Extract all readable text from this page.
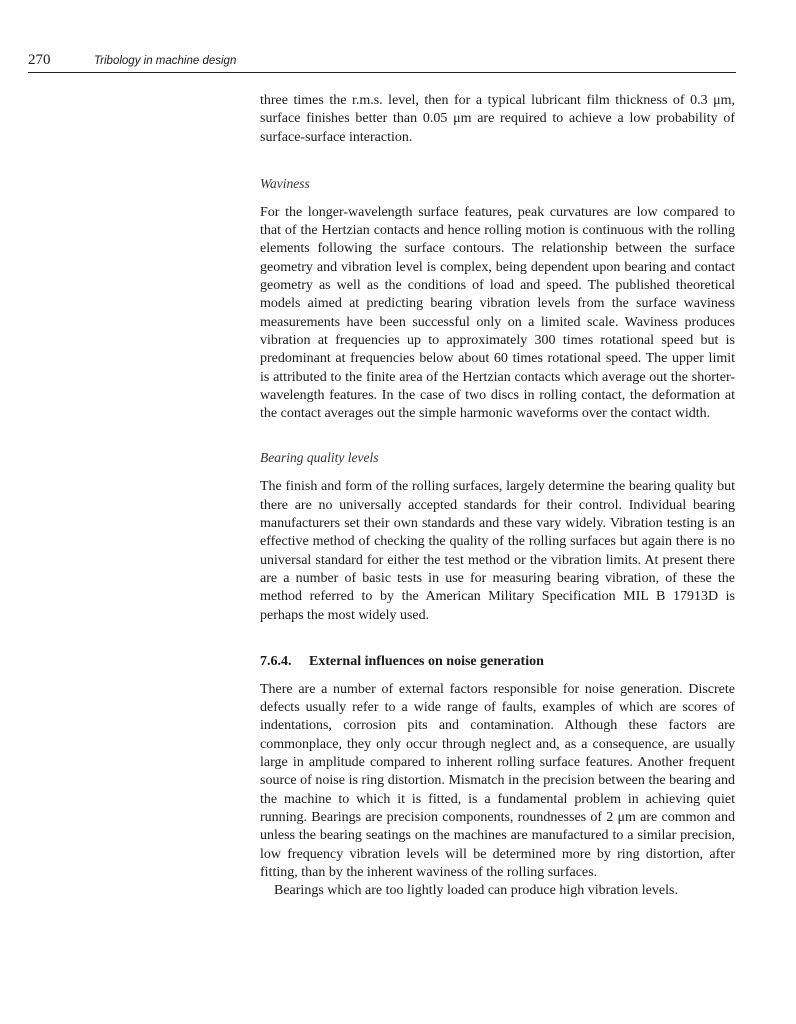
270	Tribology in machine design

three times the r.m.s. level, then for a typical lubricant film thickness of 0.3 μm, surface finishes better than 0.05 μm are required to achieve a low probability of surface-surface interaction.

Waviness

For the longer-wavelength surface features, peak curvatures are low compared to that of the Hertzian contacts and hence rolling motion is continuous with the rolling elements following the surface contours. The relationship between the surface geometry and vibration level is complex, being dependent upon bearing and contact geometry as well as the conditions of load and speed. The published theoretical models aimed at predicting bearing vibration levels from the surface waviness measurements have been successful only on a limited scale. Waviness produces vibration at frequencies up to approximately 300 times rotational speed but is predominant at frequencies below about 60 times rotational speed. The upper limit is attributed to the finite area of the Hertzian contacts which average out the shorter-wavelength features. In the case of two discs in rolling contact, the deformation at the contact averages out the simple harmonic waveforms over the contact width.

Bearing quality levels

The finish and form of the rolling surfaces, largely determine the bearing quality but there are no universally accepted standards for their control. Individual bearing manufacturers set their own standards and these vary widely. Vibration testing is an effective method of checking the quality of the rolling surfaces but again there is no universal standard for either the test method or the vibration limits. At present there are a number of basic tests in use for measuring bearing vibration, of these the method referred to by the American Military Specification MIL B 17913D is perhaps the most widely used.

7.6.4. External influences on noise generation

There are a number of external factors responsible for noise generation. Discrete defects usually refer to a wide range of faults, examples of which are scores of indentations, corrosion pits and contamination. Although these factors are commonplace, they only occur through neglect and, as a consequence, are usually large in amplitude compared to inherent rolling surface features. Another frequent source of noise is ring distortion. Mismatch in the precision between the bearing and the machine to which it is fitted, is a fundamental problem in achieving quiet running. Bearings are precision components, roundnesses of 2 μm are common and unless the bearing seatings on the machines are manufactured to a similar precision, low frequency vibration levels will be determined more by ring distortion, after fitting, than by the inherent waviness of the rolling surfaces.

Bearings which are too lightly loaded can produce high vibration levels.
